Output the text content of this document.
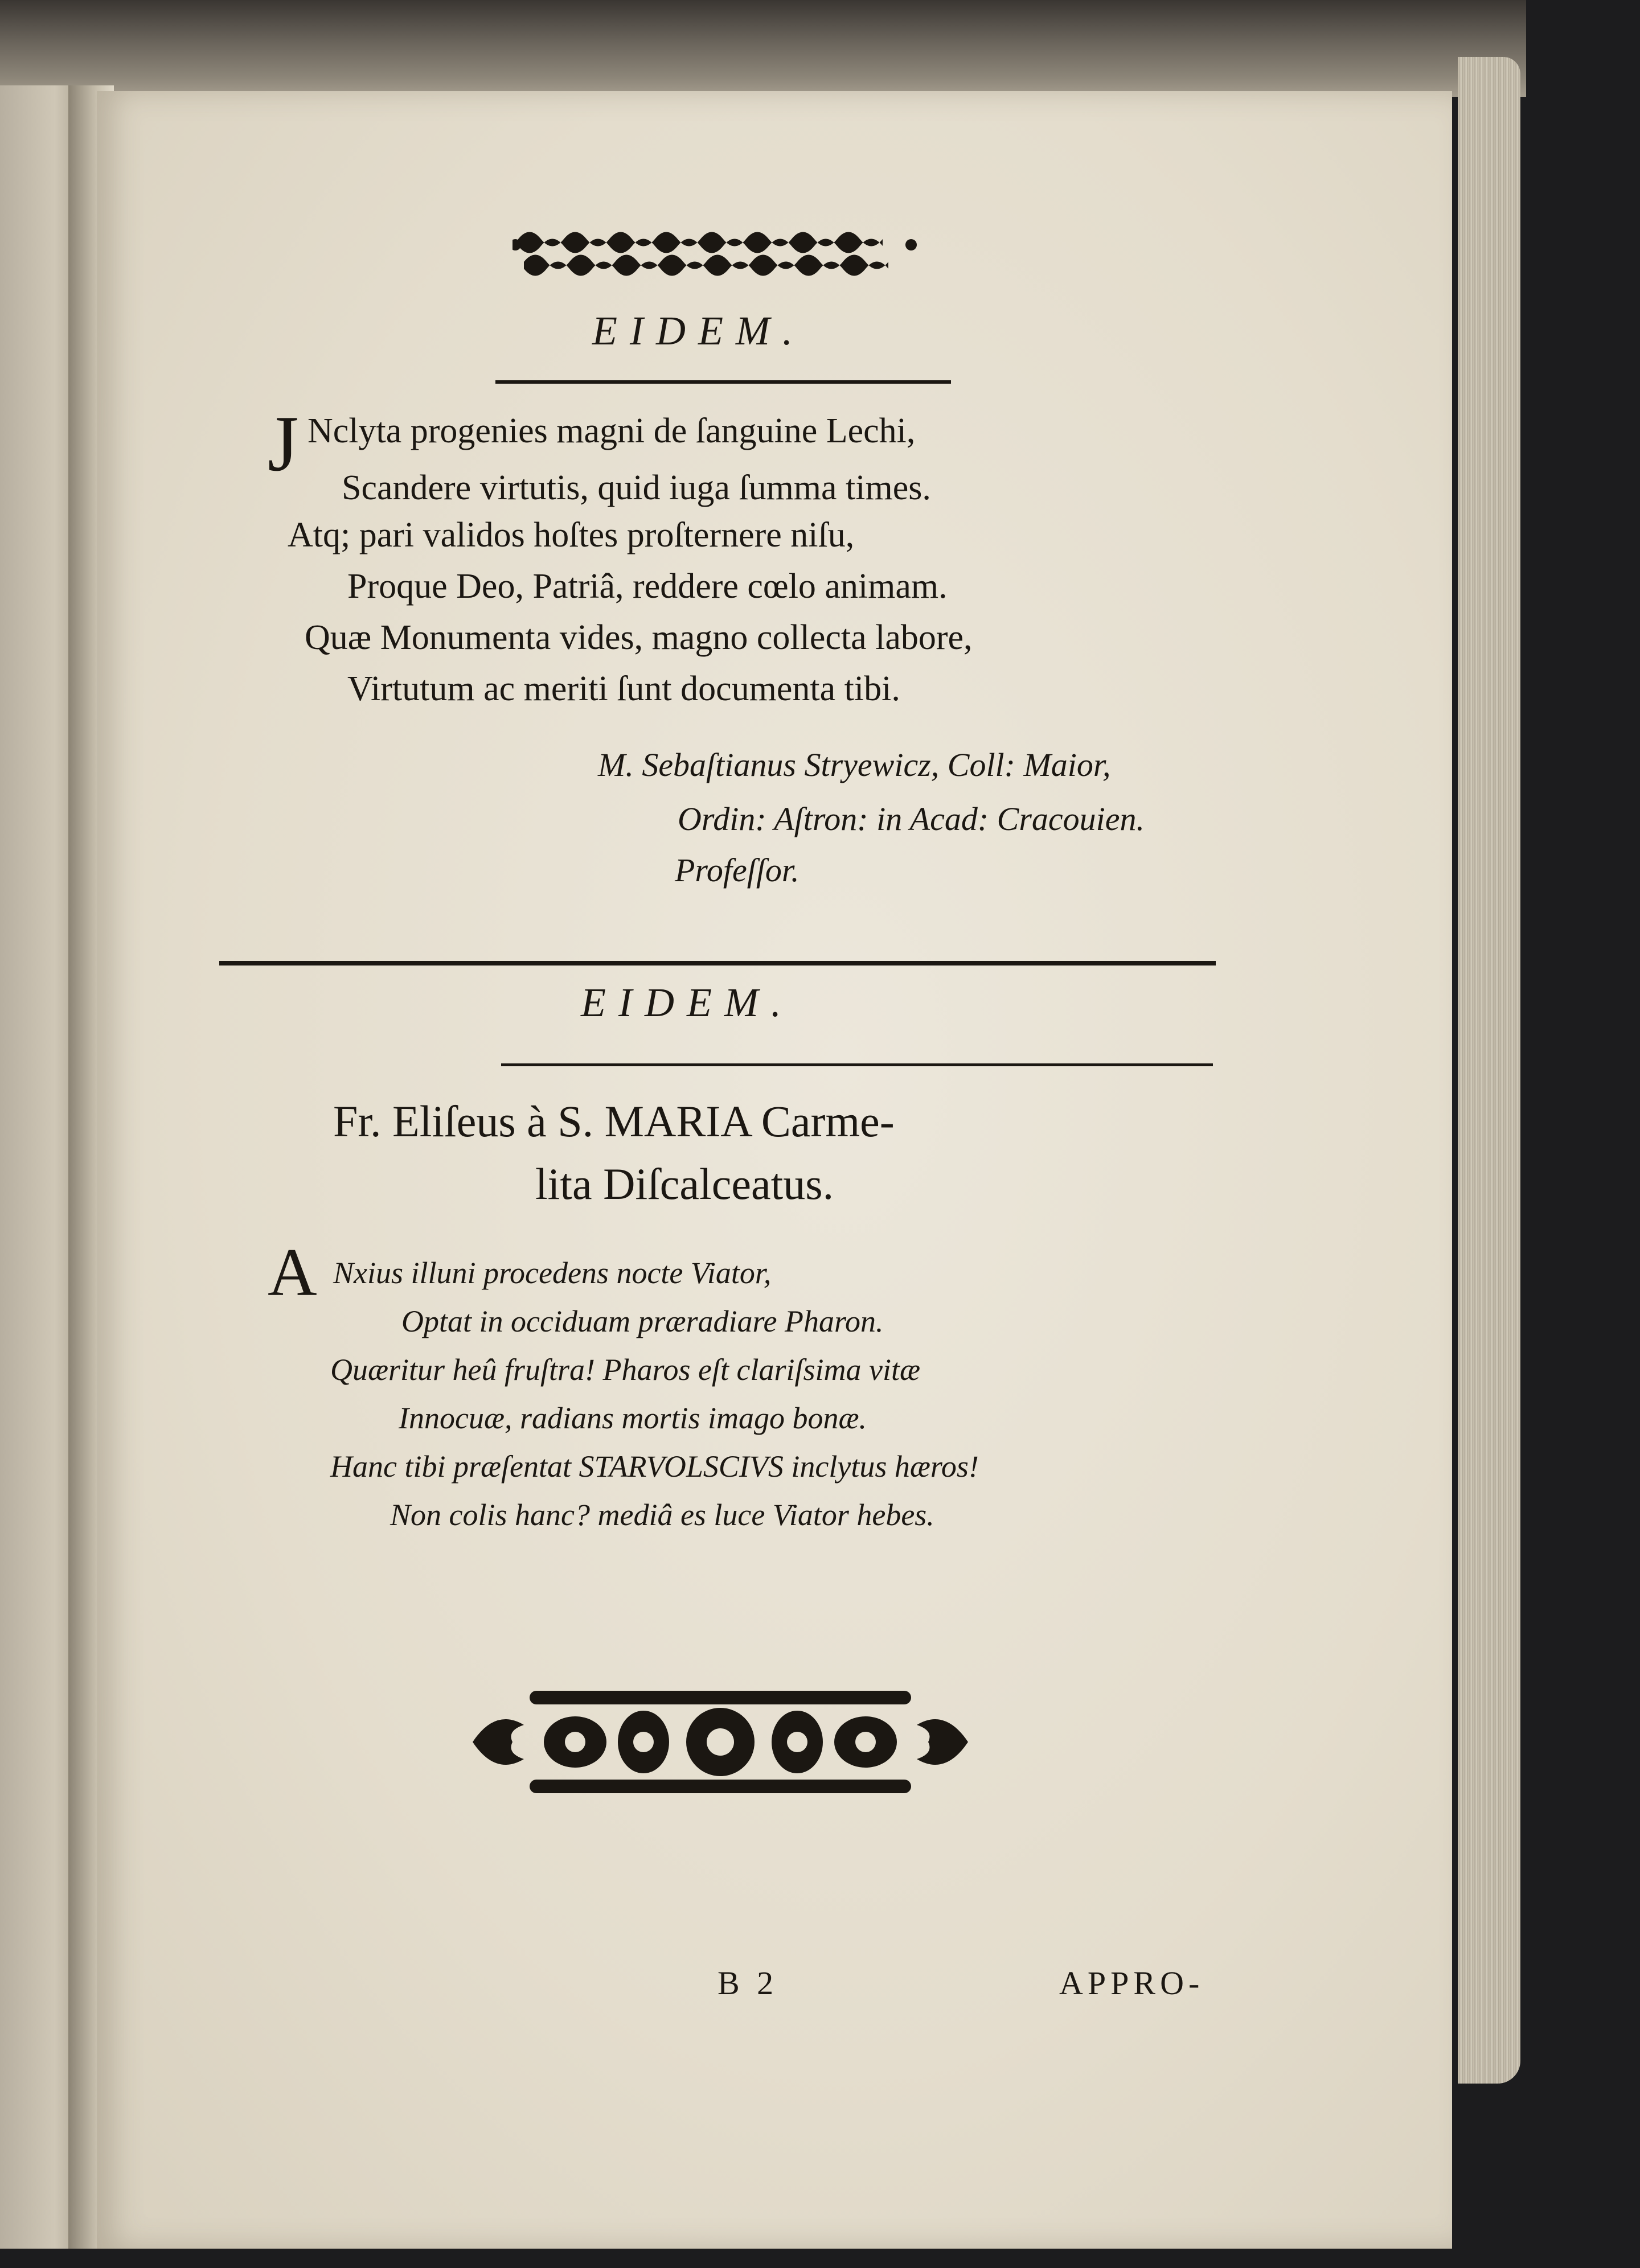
EIDEM.
J Nclyta progenies magni de ſanguine Lechi,
Scandere virtutis, quid iuga ſumma times.
Atq; pari validos hoſtes proſternere niſu,
Proque Deo, Patriâ, reddere cœlo animam.
Quæ Monumenta vides, magno collecta labore,
Virtutum ac meriti ſunt documenta tibi.
M. Sebaſtianus Stryewicz, Coll: Maior,
Ordin: Aſtron: in Acad: Cracouien.
Profeſſor.
EIDEM.
Fr. Eliſeus à S. MARIA Carme-
lita Diſcalceatus.
A Nxius illuni procedens nocte Viator,
Optat in occiduam præradiare Pharon.
Quæritur heû fruſtra! Pharos eſt clariſsima vitæ
Innocuæ, radians mortis imago bonæ.
Hanc tibi præſentat STARVOLSCIVS inclytus hæros!
Non colis hanc? mediâ es luce Viator hebes.
B 2	APPRO-
